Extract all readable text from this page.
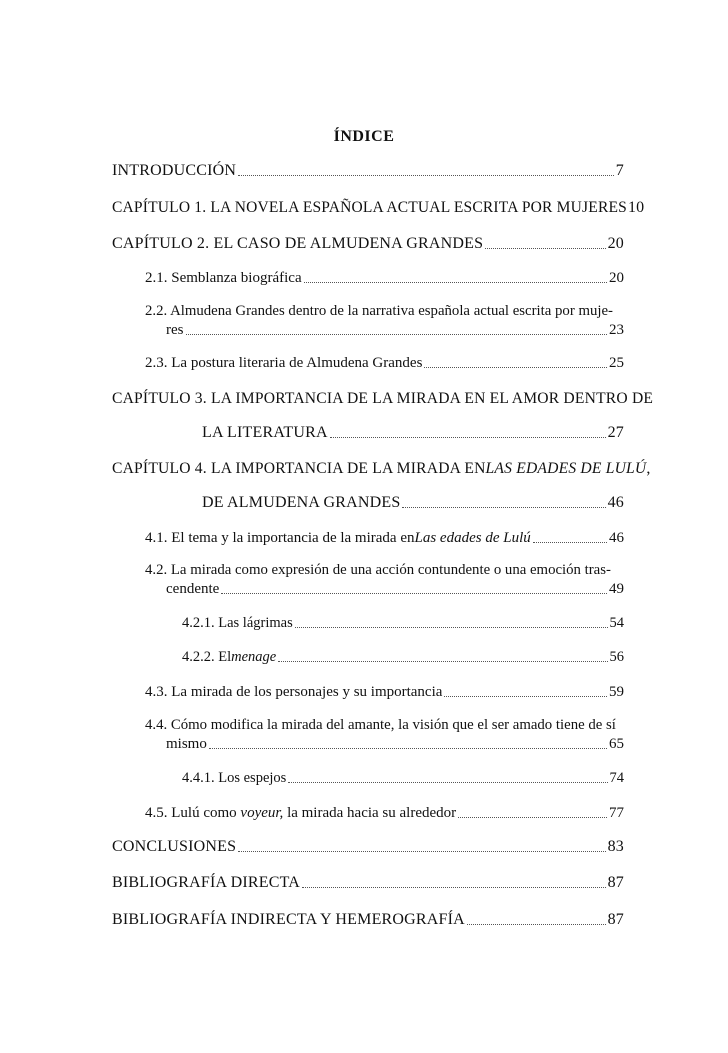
ÍNDICE
INTRODUCCIÓN	7
CAPÍTULO 1. LA NOVELA ESPAÑOLA ACTUAL ESCRITA POR MUJERES 10
CAPÍTULO 2. EL CASO DE ALMUDENA GRANDES	20
2.1. Semblanza biográfica	20
2.2. Almudena Grandes dentro de la narrativa española actual escrita por muje-
res	23
2.3. La postura literaria de Almudena Grandes	25
CAPÍTULO 3. LA IMPORTANCIA DE LA MIRADA EN EL AMOR DENTRO DE
LA LITERATURA	27
CAPÍTULO 4. LA IMPORTANCIA DE LA MIRADA EN LAS EDADES DE LULÚ ,
DE ALMUDENA GRANDES	46
4.1. El tema y la importancia de la mirada en Las edades de Lulú	46
4.2. La mirada como expresión de una acción contundente o una emoción tras-
cendente	49
4.2.1. Las lágrimas	54
4.2.2. El menage	56
4.3. La mirada de los personajes y su importancia	59
4.4. Cómo modifica la mirada del amante, la visión que el ser amado tiene de sí
mismo	65
4.4.1. Los espejos	74
4.5. Lulú como voyeur, la mirada hacia su alrededor	77
CONCLUSIONES	83
BIBLIOGRAFÍA DIRECTA	87
BIBLIOGRAFÍA INDIRECTA Y HEMEROGRAFÍA	87
